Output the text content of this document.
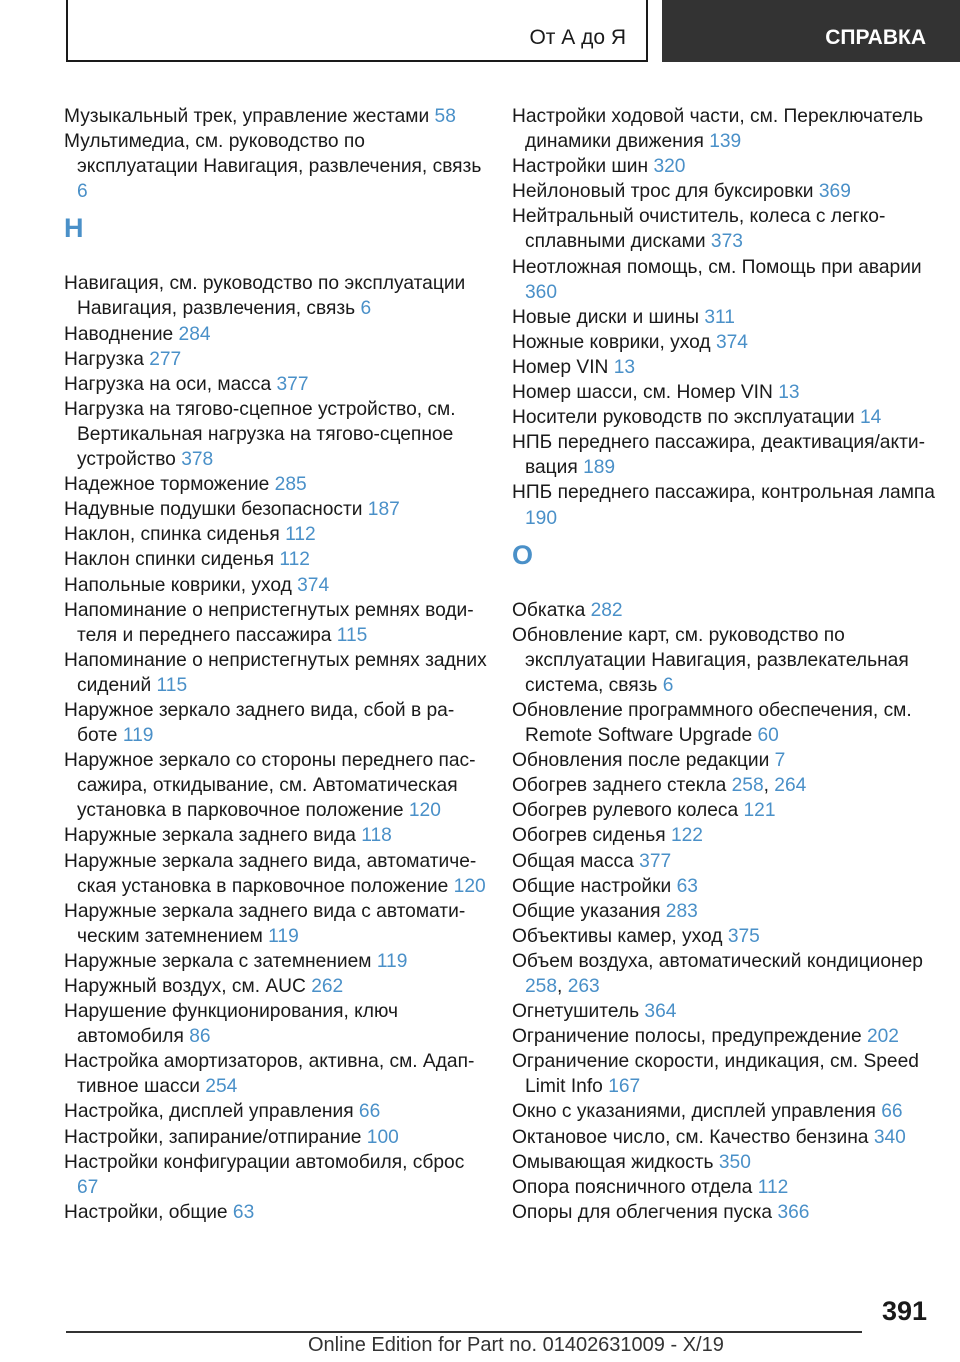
От А до Я	СПРАВКА
Музыкальный трек, управление жестами 58
Мультимедиа, см. руководство по эксплуатации Навигация, развлечения, связь 6
Н
Навигация, см. руководство по эксплуатации Навигация, развлечения, связь 6
Наводнение 284
Нагрузка 277
Нагрузка на оси, масса 377
Нагрузка на тягово-сцепное устройство, см. Вертикальная нагрузка на тягово-сцепное устройство 378
Надежное торможение 285
Надувные подушки безопасности 187
Наклон, спинка сиденья 112
Наклон спинки сиденья 112
Напольные коврики, уход 374
Напоминание о непристегнутых ремнях водителя и переднего пассажира 115
Напоминание о непристегнутых ремнях задних сидений 115
Наружное зеркало заднего вида, сбой в работе 119
Наружное зеркало со стороны переднего пассажира, откидывание, см. Автоматическая установка в парковочное положение 120
Наружные зеркала заднего вида 118
Наружные зеркала заднего вида, автоматическая установка в парковочное положение 120
Наружные зеркала заднего вида с автоматическим затемнением 119
Наружные зеркала с затемнением 119
Наружный воздух, см. AUC 262
Нарушение функционирования, ключ автомобиля 86
Настройка амортизаторов, активна, см. Адаптивное шасси 254
Настройка, дисплей управления 66
Настройки, запирание/отпирание 100
Настройки конфигурации автомобиля, сброс 67
Настройки, общие 63
Настройки ходовой части, см. Переключатель динамики движения 139
Настройки шин 320
Нейлоновый трос для буксировки 369
Нейтральный очиститель, колеса с легкосплавными дисками 373
Неотложная помощь, см. Помощь при аварии 360
Новые диски и шины 311
Ножные коврики, уход 374
Номер VIN 13
Номер шасси, см. Номер VIN 13
Носители руководств по эксплуатации 14
НПБ переднего пассажира, деактивация/активация 189
НПБ переднего пассажира, контрольная лампа 190
О
Обкатка 282
Обновление карт, см. руководство по эксплуатации Навигация, развлекательная система, связь 6
Обновление программного обеспечения, см. Remote Software Upgrade 60
Обновления после редакции 7
Обогрев заднего стекла 258, 264
Обогрев рулевого колеса 121
Обогрев сиденья 122
Общая масса 377
Общие настройки 63
Общие указания 283
Объективы камер, уход 375
Объем воздуха, автоматический кондиционер 258, 263
Огнетушитель 364
Ограничение полосы, предупреждение 202
Ограничение скорости, индикация, см. Speed Limit Info 167
Окно с указаниями, дисплей управления 66
Октановое число, см. Качество бензина 340
Омывающая жидкость 350
Опора поясничного отдела 112
Опоры для облегчения пуска 366
391
Online Edition for Part no. 01402631009 - X/19
